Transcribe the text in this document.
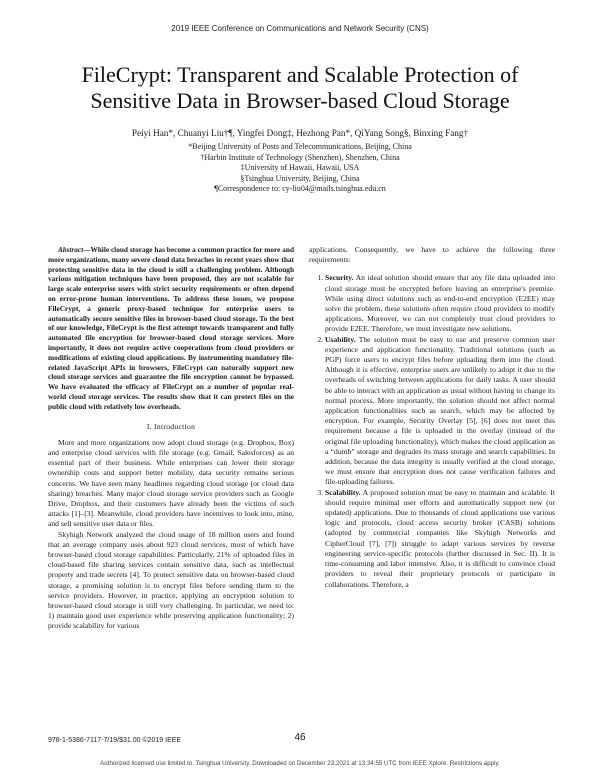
2019 IEEE Conference on Communications and Network Security (CNS)
FileCrypt: Transparent and Scalable Protection of
Sensitive Data in Browser-based Cloud Storage
Peiyi Han*, Chuanyi Liu†¶, Yingfei Dong‡, Hezhong Pan*, QiYang Song§, Binxing Fang†
*Beijing University of Posts and Telecommunications, Beijing, China
†Harbin Institute of Technology (Shenzhen), Shenzhen, China
‡University of Hawaii, Hawaii, USA
§Tsinghua University, Beijing, China
¶Correspondence to: cy-liu04@mails.tsinghua.edu.cn

Abstract—While cloud storage has become a common practice for more and more organizations, many severe cloud data breaches in recent years show that protecting sensitive data in the cloud is still a challenging problem. Although various mitigation techniques have been proposed, they are not scalable for large scale enterprise users with strict security requirements or often depend on error-prone human interventions. To address these issues, we propose FileCrypt, a generic proxy-based technique for enterprise users to automatically secure sensitive files in browser-based cloud storage. To the best of our knowledge, FileCrypt is the first attempt towards transparent and fully automated file encryption for browser-based cloud storage services. More importantly, it does not require active cooperations from cloud providers or modifications of existing cloud applications. By instrumenting mandatory file-related JavaScript APIs in browsers, FileCrypt can naturally support new cloud storage services and guarantee the file encryption cannot be bypassed. We have evaluated the efficacy of FileCrypt on a number of popular real-world cloud storage services. The results show that it can protect files on the public cloud with relatively low overheads.

I. Introduction

More and more organizations now adopt cloud storage (e.g. Dropbox, Box) and enterprise cloud services with file storage (e.g. Gmail, Salesforces) as an essential part of their business. While enterprises can lower their storage ownership costs and support better mobility, data security remains serious concerns. We have seen many headlines regarding cloud storage (or cloud data sharing) breaches. Many major cloud storage service providers such as Google Drive, Dropbox, and their customers have already been the victims of such attacks [1]–[3]. Meanwhile, cloud providers have incentives to look into, mine, and sell sensitive user data or files.

Skyhigh Network analyzed the cloud usage of 18 million users and found that an average company uses about 923 cloud services, most of which have browser-based cloud storage capabilities. Particularly, 21% of uploaded files in cloud-based file sharing services contain sensitive data, such as intellectual property and trade secrets [4]. To protect sensitive data on browser-based cloud storage, a promising solution is to encrypt files before sending them to the service providers. However, in practice, applying an encryption solution to browser-based cloud storage is still very challenging. In particular, we need to: 1) maintain good user experience while preserving application functionality; 2) provide scalability for various

applications. Consequently, we have to achieve the following three requirements:

1. Security. An ideal solution should ensure that any file data uploaded into cloud storage must be encrypted before leaving an enterprise's premise. While using direct solutions such as end-to-end encryption (E2EE) may solve the problem, these solutions often require cloud providers to modify applications. Moreover, we can not completely trust cloud providers to provide E2EE. Therefore, we must investigate new solutions.
2. Usability. The solution must be easy to use and preserve common user experience and application functionality. Traditional solutions (such as PGP) force users to encrypt files before uploading them into the cloud. Although it is effective, enterprise users are unlikely to adopt it due to the overheads of switching between applications for daily tasks. A user should be able to interact with an application as usual without having to change its normal process. More importantly, the solution should not affect normal application functionalities such as search, which may be affected by encryption. For example, Security Overlay [5], [6] does not meet this requirement because a file is uploaded in the overlay (instead of the original file uploading functionality), which makes the cloud application as a “dumb” storage and degrades its mass storage and search capabilities. In addition, because the data integrity is usually verified at the cloud storage, we must ensure that encryption does not cause verification failures and file-uploading failures.
3. Scalability. A proposed solution must be easy to maintain and scalable. It should require minimal user efforts and automatically support new (or updated) applications. Due to thousands of cloud applications use various logic and protocols, cloud access security broker (CASB) solutions (adopted by commercial companies like Skyhigh Networks and CipherCloud [7], [7]) struggle to adapt various services by reverse engineering service-specific protocols (further discussed in Sec. II). It is time-consuming and labor intensive. Also, it is difficult to convince cloud providers to reveal their proprietary protocols or participate in collaborations. Therefore, a
978-1-5386-7117-7/19/$31.00 ©2019 IEEE	46
Authorized licensed use limited to: Tsinghua University. Downloaded on December 23,2021 at 13:34:55 UTC from IEEE Xplore. Restrictions apply.
